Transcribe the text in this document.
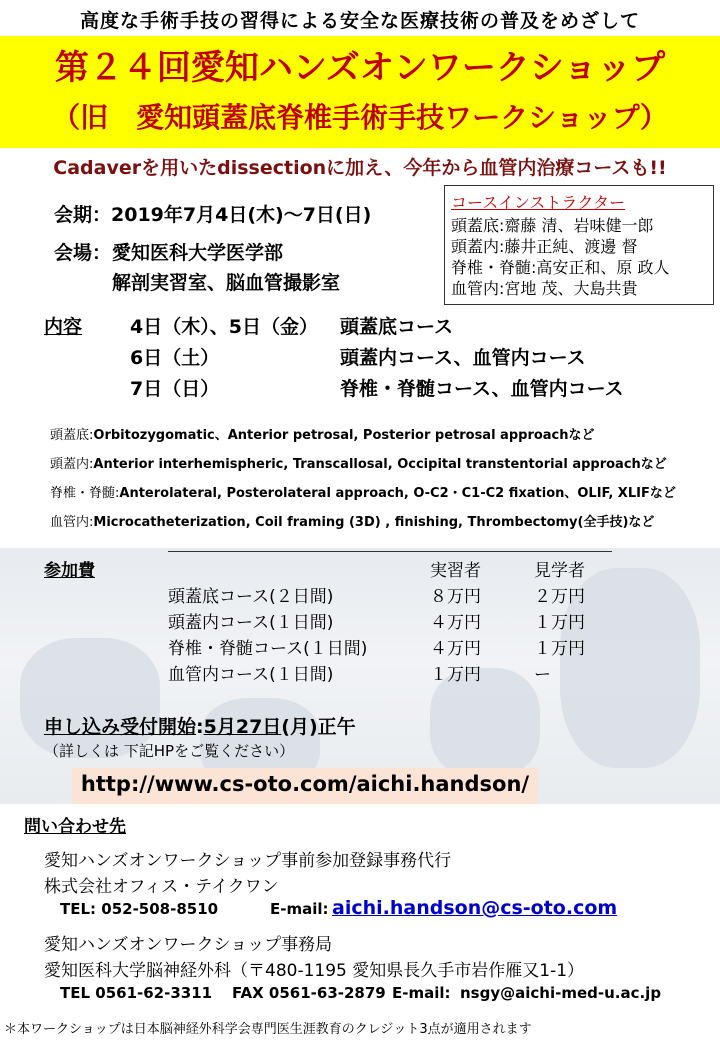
高度な手術手技の習得による安全な医療技術の普及をめざして
第２４回愛知ハンズオンワークショップ
（旧　愛知頭蓋底脊椎手術手技ワークショップ）
Cadaverを用いたdissectionに加え、今年から血管内治療コースも!!
会期：2019年7月4日(木)～7日(日)
会場： 愛知医科大学医学部
解剖実習室、脳血管撮影室
コースインストラクター
頭蓋底:齋藤 清、岩味健一郎
頭蓋内:藤井正純、渡邊 督
脊椎・脊髄:高安正和、原 政人
血管内:宮地 茂、大島共貴
内容	4日（木）、5日（金） 頭蓋底コース
6日（土）	頭蓋内コース、血管内コース
7日（日）	脊椎・脊髄コース、血管内コース
頭蓋底:Orbitozygomatic、Anterior petrosal, Posterior petrosal approachなど
頭蓋内:Anterior interhemispheric, Transcallosal, Occipital transtentorial approachなど
脊椎・脊髄:Anterolateral, Posterolateral approach, O-C2・C1-C2 fixation、OLIF, XLIFなど
血管内:Microcatheterization, Coil framing (3D) , finishing, Thrombectomy(全手技)など
参加費	実習者	見学者
頭蓋底コース(２日間)	８万円	２万円
頭蓋内コース(１日間)	４万円	１万円
脊椎・脊髄コース(１日間)	４万円	１万円
血管内コース(１日間)	１万円	ー
申し込み受付開始:5月27日(月)正午
（詳しくは 下記HPをご覧ください）
http://www.cs-oto.com/aichi.handson/
問い合わせ先
愛知ハンズオンワークショップ事前参加登録事務代行
株式会社オフィス・テイクワン
TEL: 052-508-8510	E-mail: aichi.handson@cs-oto.com
愛知ハンズオンワークショップ事務局
愛知医科大学脳神経外科（〒480-1195 愛知県長久手市岩作雁又1-1）
TEL 0561-62-3311 FAX 0561-63-2879 E-mail: nsgy@aichi-med-u.ac.jp
＊本ワークショップは日本脳神経外科学会専門医生涯教育のクレジット3点が適用されます
